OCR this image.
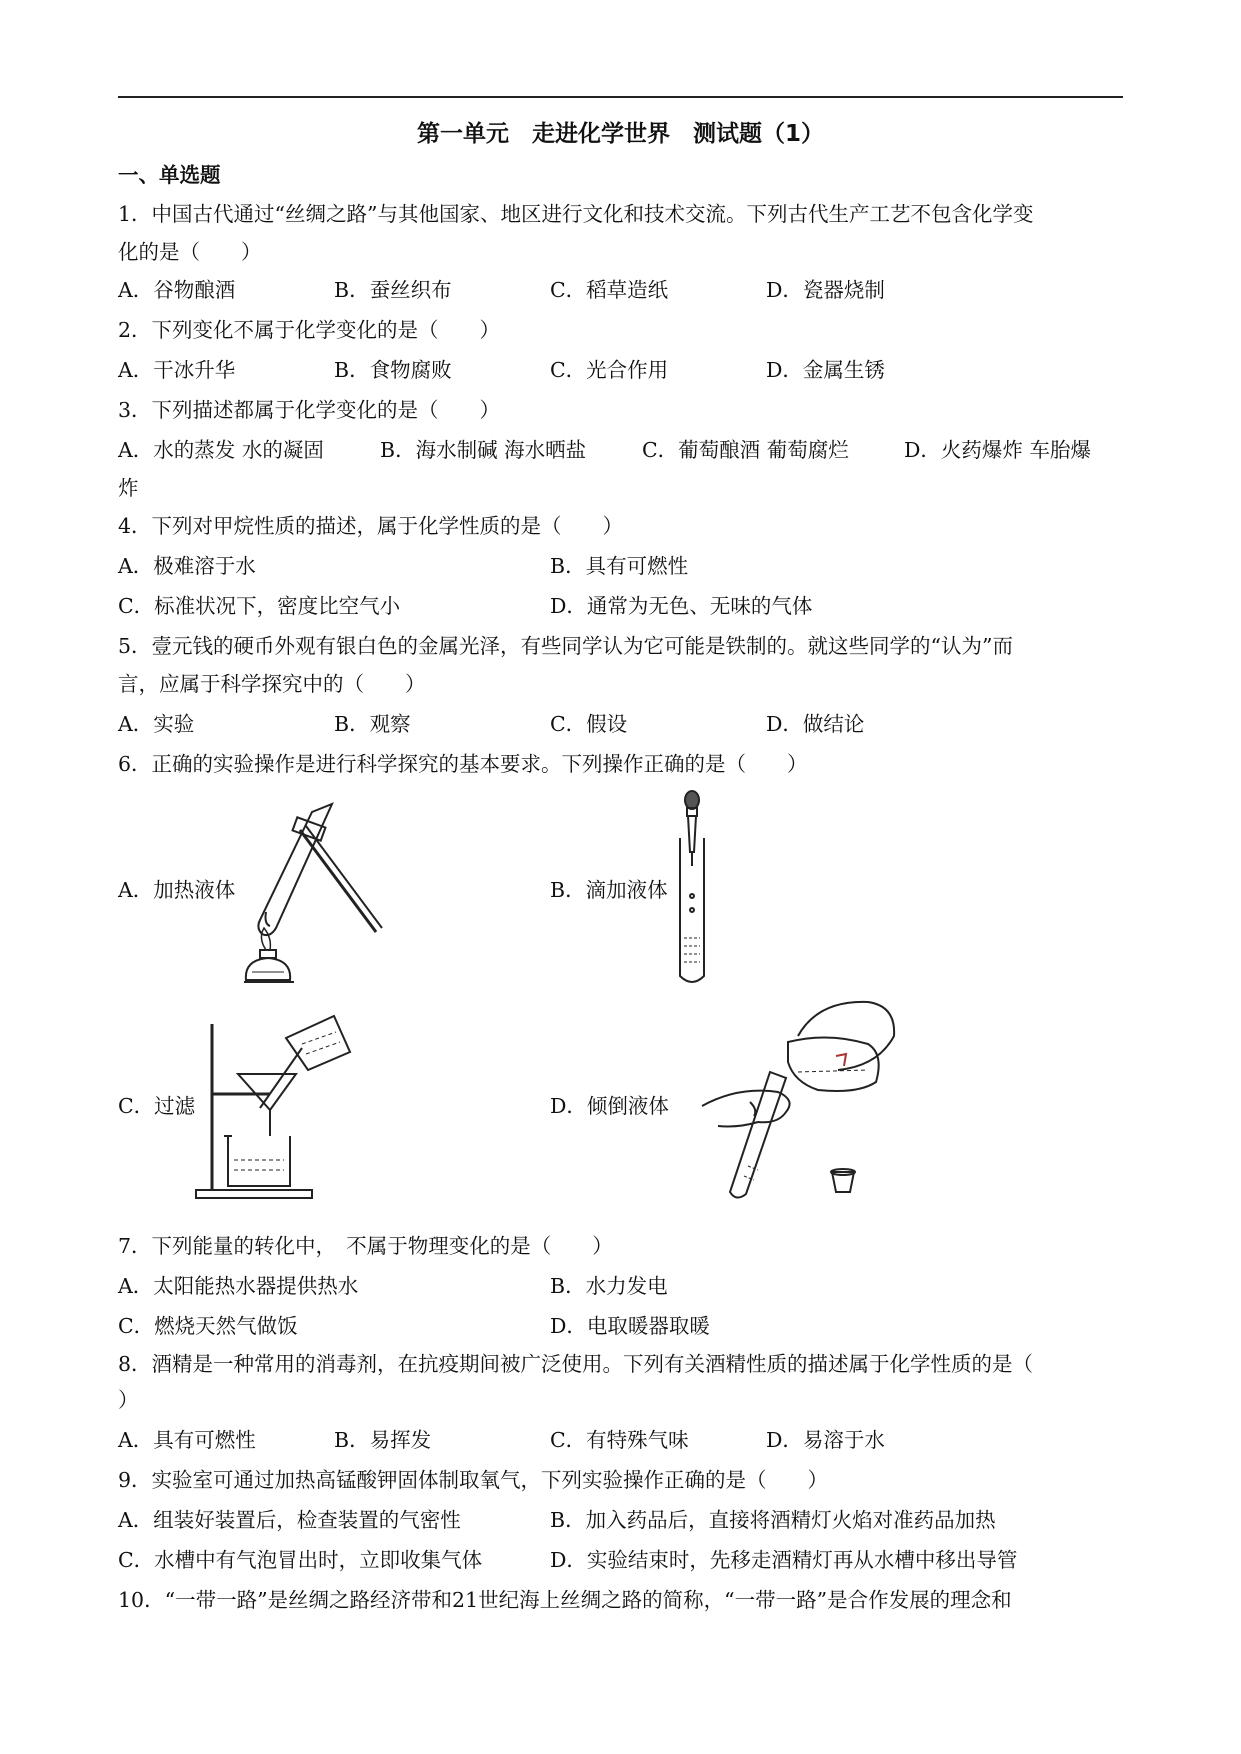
第一单元　走进化学世界　测试题（1）
一、单选题
1．中国古代通过“丝绸之路”与其他国家、地区进行文化和技术交流。下列古代生产工艺不包含化学变
化的是（　　）
A．谷物酿酒	B．蚕丝织布	C．稻草造纸	D．瓷器烧制
2．下列变化不属于化学变化的是（　　）
A．干冰升华	B．食物腐败	C．光合作用	D．金属生锈
3．下列描述都属于化学变化的是（　　）
A．水的蒸发 水的凝固	B．海水制碱 海水晒盐	C．葡萄酿酒 葡萄腐烂	D．火药爆炸 车胎爆
炸
4．下列对甲烷性质的描述，属于化学性质的是（　　）
A．极难溶于水	B．具有可燃性
C．标准状况下，密度比空气小	D．通常为无色、无味的气体
5．壹元钱的硬币外观有银白色的金属光泽，有些同学认为它可能是铁制的。就这些同学的“认为”而
言，应属于科学探究中的（　　）
A．实验	B．观察	C．假设	D．做结论
6．正确的实验操作是进行科学探究的基本要求。下列操作正确的是（　　）
A．加热液体	B．滴加液体
C．过滤	D．倾倒液体
7．下列能量的转化中，　不属于物理变化的是（　　）
A．太阳能热水器提供热水	B．水力发电
C．燃烧天然气做饭	D．电取暖器取暖
8．酒精是一种常用的消毒剂，在抗疫期间被广泛使用。下列有关酒精性质的描述属于化学性质的是（
）
A．具有可燃性	B．易挥发	C．有特殊气味	D．易溶于水
9．实验室可通过加热高锰酸钾固体制取氧气，下列实验操作正确的是（　　）
A．组装好装置后，检查装置的气密性	B．加入药品后，直接将酒精灯火焰对准药品加热
C．水槽中有气泡冒出时，立即收集气体	D．实验结束时，先移走酒精灯再从水槽中移出导管
10．“一带一路”是丝绸之路经济带和21世纪海上丝绸之路的简称，“一带一路”是合作发展的理念和
